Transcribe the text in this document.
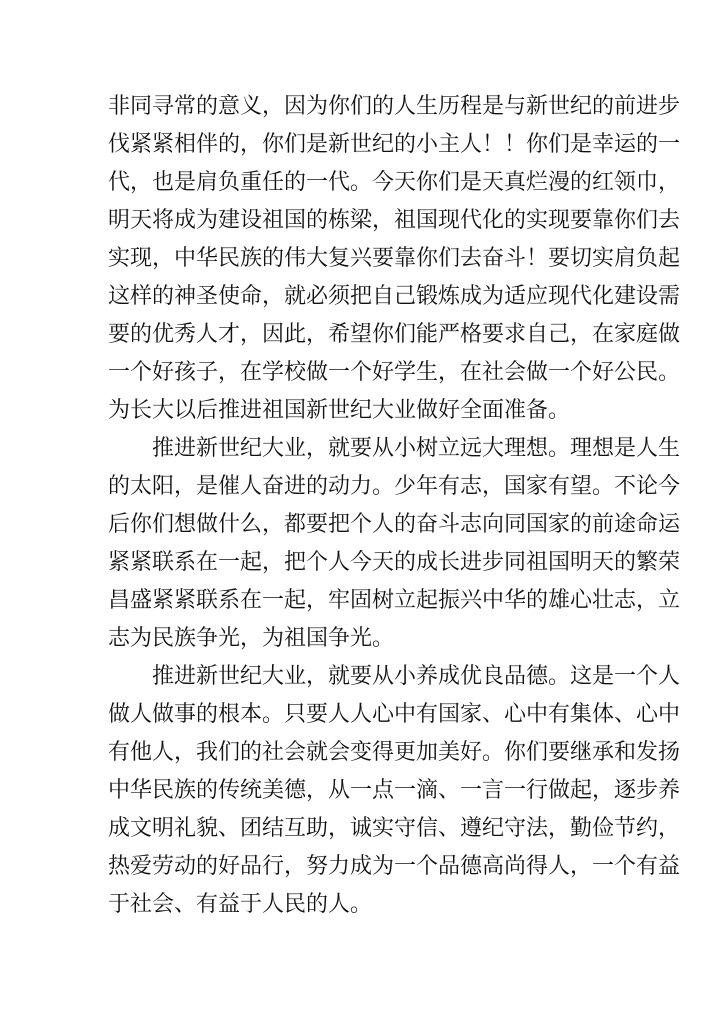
非同寻常的意义，因为你们的人生历程是与新世纪的前进步
伐紧紧相伴的，你们是新世纪的小主人！！你们是幸运的一
代，也是肩负重任的一代。今天你们是天真烂漫的红领巾，
明天将成为建设祖国的栋梁，祖国现代化的实现要靠你们去
实现，中华民族的伟大复兴要靠你们去奋斗！要切实肩负起
这样的神圣使命，就必须把自己锻炼成为适应现代化建设需
要的优秀人才，因此，希望你们能严格要求自己，在家庭做
一个好孩子，在学校做一个好学生，在社会做一个好公民。
为长大以后推进祖国新世纪大业做好全面准备。
推进新世纪大业，就要从小树立远大理想。理想是人生
的太阳，是催人奋进的动力。少年有志，国家有望。不论今
后你们想做什么，都要把个人的奋斗志向同国家的前途命运
紧紧联系在一起，把个人今天的成长进步同祖国明天的繁荣
昌盛紧紧联系在一起，牢固树立起振兴中华的雄心壮志，立
志为民族争光，为祖国争光。
推进新世纪大业，就要从小养成优良品德。这是一个人
做人做事的根本。只要人人心中有国家、心中有集体、心中
有他人，我们的社会就会变得更加美好。你们要继承和发扬
中华民族的传统美德，从一点一滴、一言一行做起，逐步养
成文明礼貌、团结互助，诚实守信、遵纪守法，勤俭节约，
热爱劳动的好品行，努力成为一个品德高尚得人，一个有益
于社会、有益于人民的人。
